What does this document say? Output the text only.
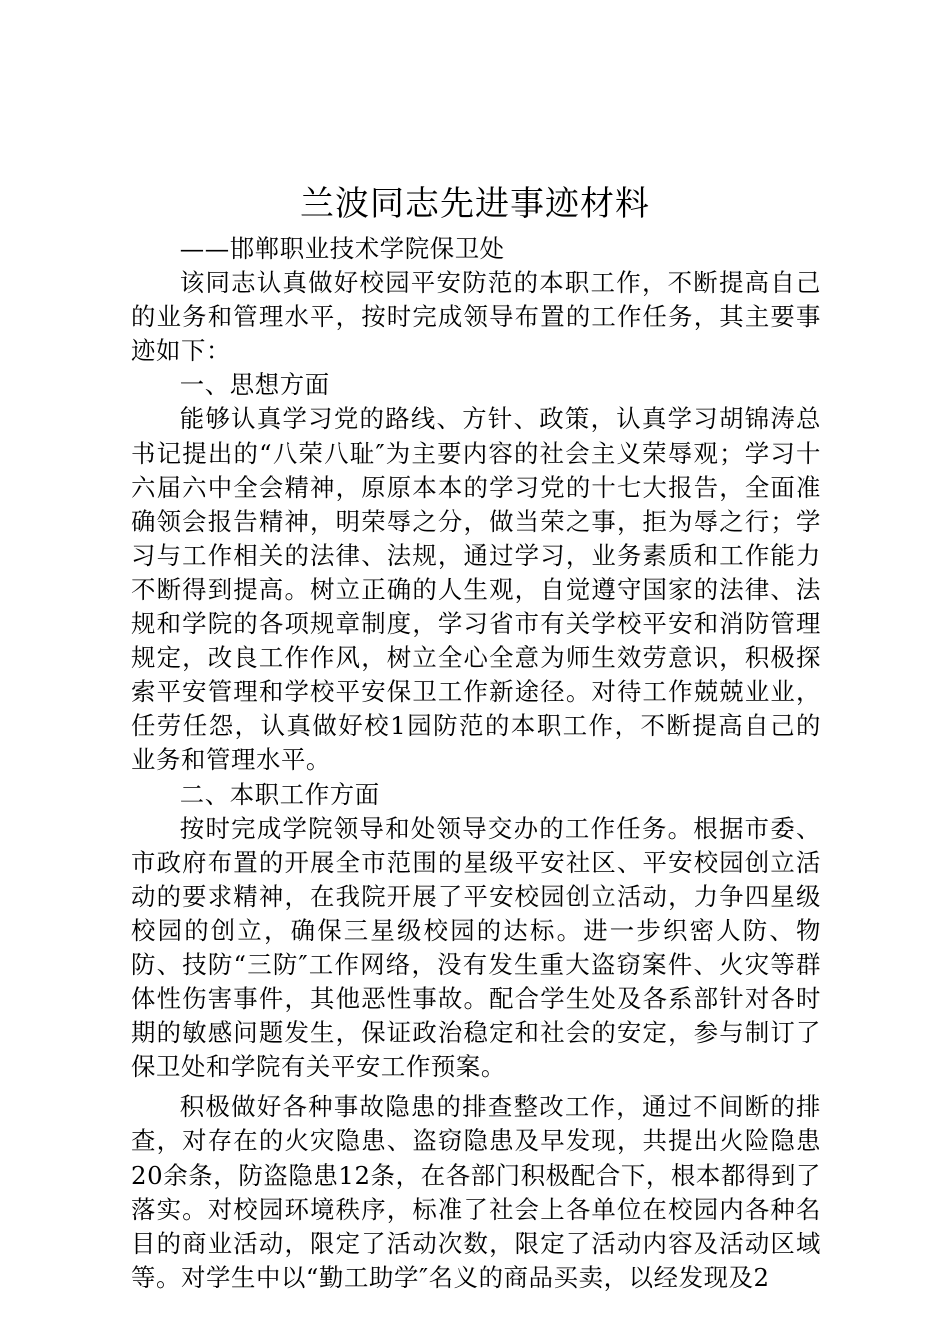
兰波同志先进事迹材料

——邯郸职业技术学院保卫处

该同志认真做好校园平安防范的本职工作，不断提高自己的业务和管理水平，按时完成领导布置的工作任务，其主要事迹如下：

一、思想方面

能够认真学习党的路线、方针、政策，认真学习胡锦涛总书记提出的“八荣八耻″为主要内容的社会主义荣辱观；学习十六届六中全会精神，原原本本的学习党的十七大报告，全面准确领会报告精神，明荣辱之分，做当荣之事，拒为辱之行；学习与工作相关的法律、法规，通过学习，业务素质和工作能力不断得到提高。树立正确的人生观，自觉遵守国家的法律、法规和学院的各项规章制度，学习省市有关学校平安和消防管理规定，改良工作作风，树立全心全意为师生效劳意识，积极探索平安管理和学校平安保卫工作新途径。对待工作兢兢业业，任劳任怨，认真做好校1园防范的本职工作，不断提高自己的业务和管理水平。

二、本职工作方面

按时完成学院领导和处领导交办的工作任务。根据市委、市政府布置的开展全市范围的星级平安社区、平安校园创立活动的要求精神，在我院开展了平安校园创立活动，力争四星级校园的创立，确保三星级校园的达标。进一步织密人防、物防、技防“三防″工作网络，没有发生重大盗窃案件、火灾等群体性伤害事件，其他恶性事故。配合学生处及各系部针对各时期的敏感问题发生，保证政治稳定和社会的安定，参与制订了保卫处和学院有关平安工作预案。

积极做好各种事故隐患的排查整改工作，通过不间断的排查，对存在的火灾隐患、盗窃隐患及早发现，共提出火险隐患20余条，防盗隐患12条，在各部门积极配合下，根本都得到了落实。对校园环境秩序，标准了社会上各单位在校园内各种名目的商业活动，限定了活动次数，限定了活动内容及活动区域等。对学生中以“勤工助学″名义的商品买卖，以经发现及2
